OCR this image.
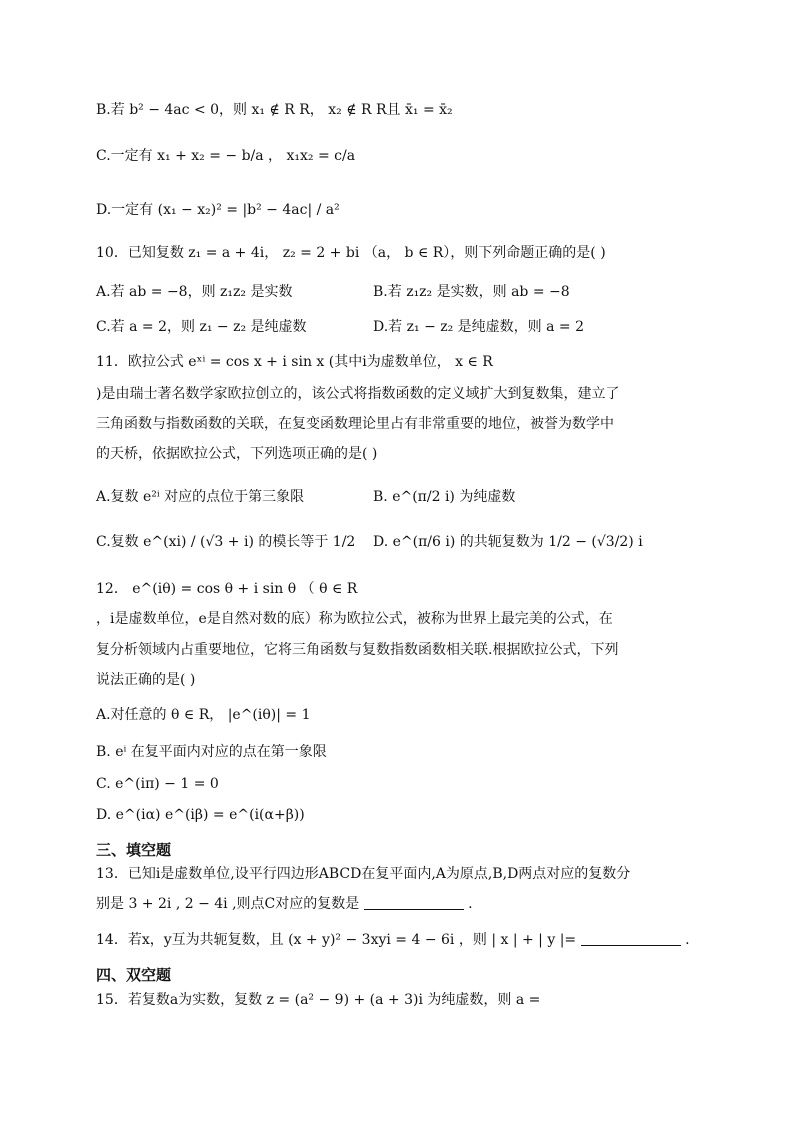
B.若 b² − 4ac < 0，则 x₁ ∉ R R， x₂ ∉ R R且 x̄₁ = x̄₂
C.一定有 x₁ + x₂ = − b/a ， x₁x₂ = c/a
D.一定有 (x₁ − x₂)² = |b² − 4ac| / a²
10．已知复数 z₁ = a + 4i， z₂ = 2 + bi （a， b ∈ R），则下列命题正确的是( )
A.若 ab = −8，则 z₁z₂ 是实数	B.若 z₁z₂ 是实数，则 ab = −8
C.若 a = 2，则 z₁ − z₂ 是纯虚数	D.若 z₁ − z₂ 是纯虚数，则 a = 2
11．欧拉公式 eˣⁱ = cos x + i sin x (其中i为虚数单位， x ∈ R
)是由瑞士著名数学家欧拉创立的，该公式将指数函数的定义域扩大到复数集，建立了
三角函数与指数函数的关联，在复变函数理论里占有非常重要的地位，被誉为数学中
的天桥，依据欧拉公式，下列选项正确的是( )
A.复数 e²ⁱ 对应的点位于第三象限	B. e^(π/2 i) 为纯虚数
C.复数 e^(xi) / (√3 + i) 的模长等于 1/2 D. e^(π/6 i) 的共轭复数为 1/2 − (√3/2) i
12． e^(iθ) = cos θ + i sin θ （ θ ∈ R
，i是虚数单位，e是自然对数的底）称为欧拉公式，被称为世界上最完美的公式，在
复分析领域内占重要地位，它将三角函数与复数指数函数相关联.根据欧拉公式，下列
说法正确的是( )
A.对任意的 θ ∈ R， |e^(iθ)| = 1
B. eⁱ 在复平面内对应的点在第一象限
C. e^(iπ) − 1 = 0
D. e^(iα) e^(iβ) = e^(i(α+β))
三、填空题
13．已知i是虚数单位,设平行四边形ABCD在复平面内,A为原点,B,D两点对应的复数分
别是 3 + 2i , 2 − 4i ,则点C对应的复数是	.
14．若x，y互为共轭复数，且 (x + y)² − 3xyi = 4 − 6i ，则 | x | + | y |=	.
四、双空题
15．若复数a为实数，复数 z = (a² − 9) + (a + 3)i 为纯虚数，则 a =
